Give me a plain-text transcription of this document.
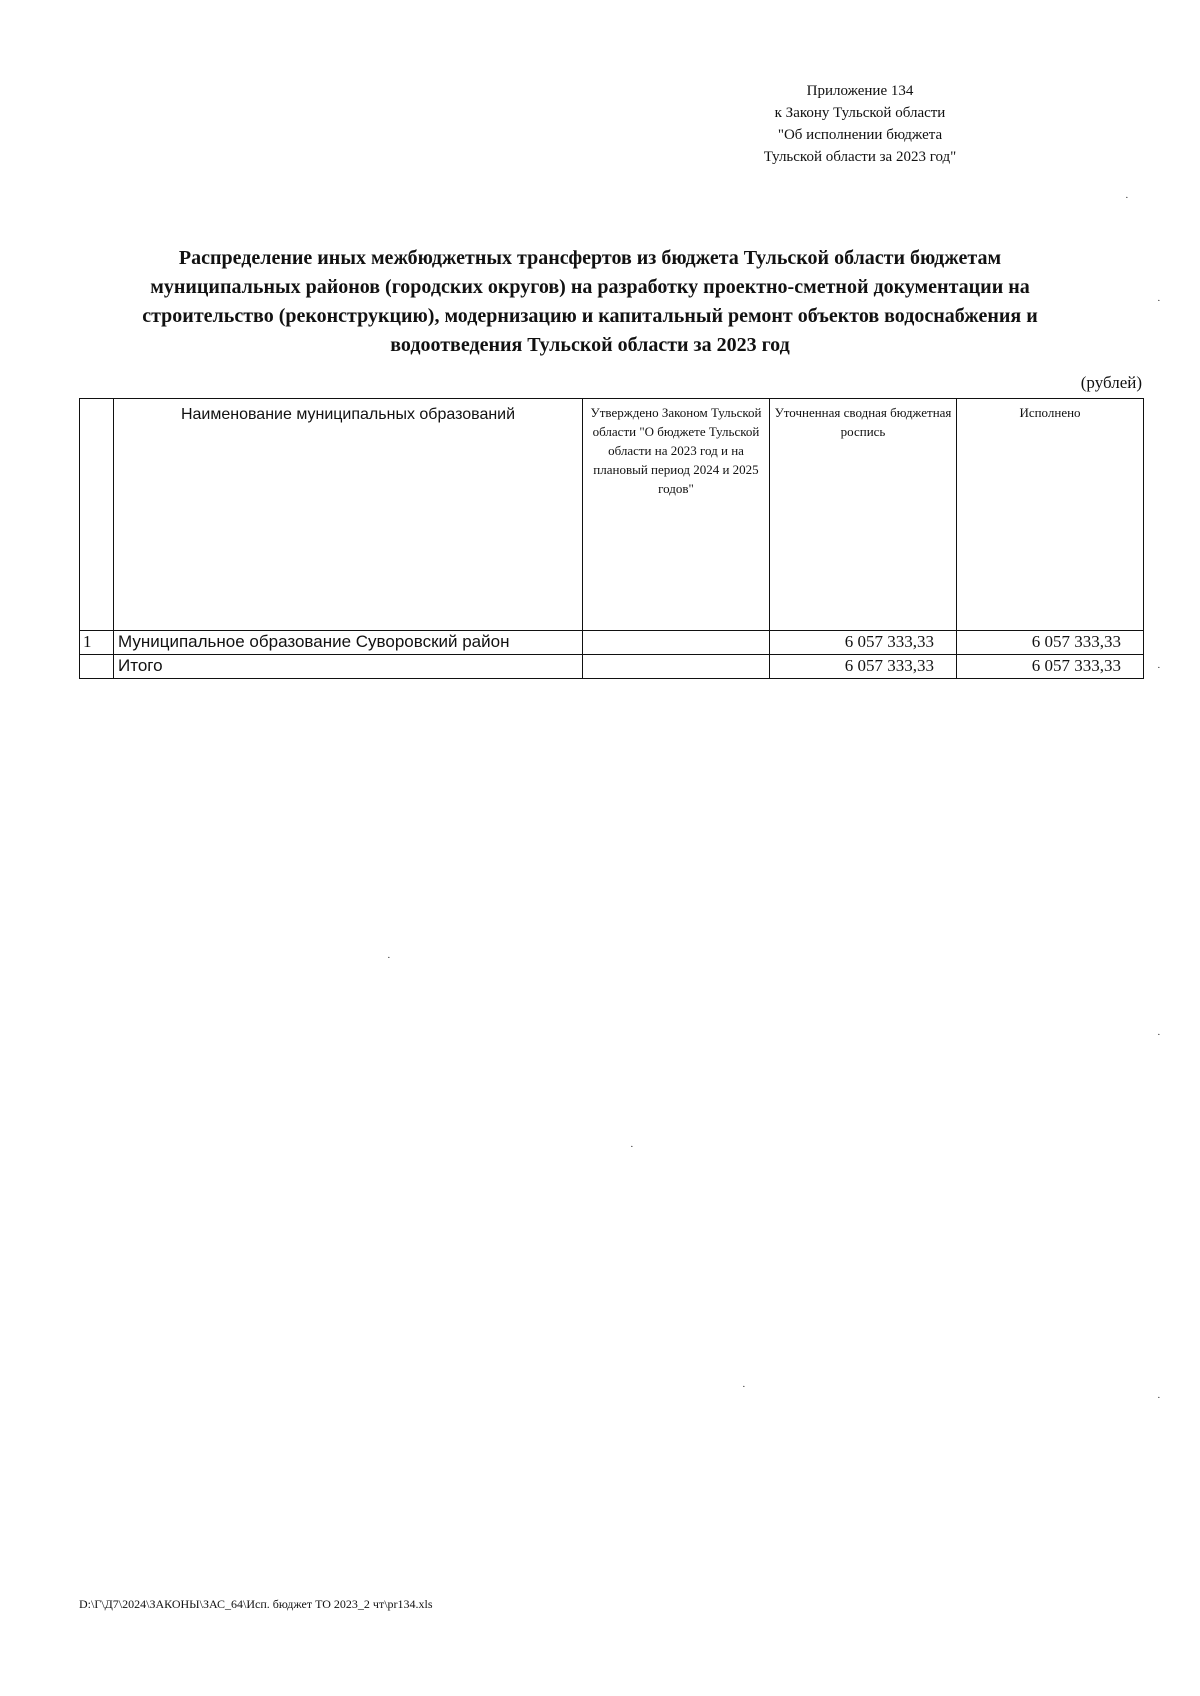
Приложение 134
к Закону Тульской области
"Об исполнении бюджета
Тульской области за 2023 год"
Распределение иных межбюджетных трансфертов из бюджета Тульской области бюджетам
муниципальных районов (городских округов) на разработку проектно-сметной документации на
строительство (реконструкцию), модернизацию и капитальный ремонт объектов водоснабжения и
водоотведения Тульской области за 2023 год
(рублей)
	Наименование муниципальных образований	Утверждено Законом Тульской области "О бюджете Тульской области на 2023 год и на плановый период 2024 и 2025 годов"	Уточненная сводная бюджетная роспись	Исполнено
1	Муниципальное образование Суворовский район		6 057 333,33	6 057 333,33
	Итого		6 057 333,33	6 057 333,33
D:\Г\Д7\2024\ЗАКОНЫ\ЗАС_64\Исп. бюджет ТО 2023_2 чт\pr134.xls
·
·
·
·
·
·
·
·
